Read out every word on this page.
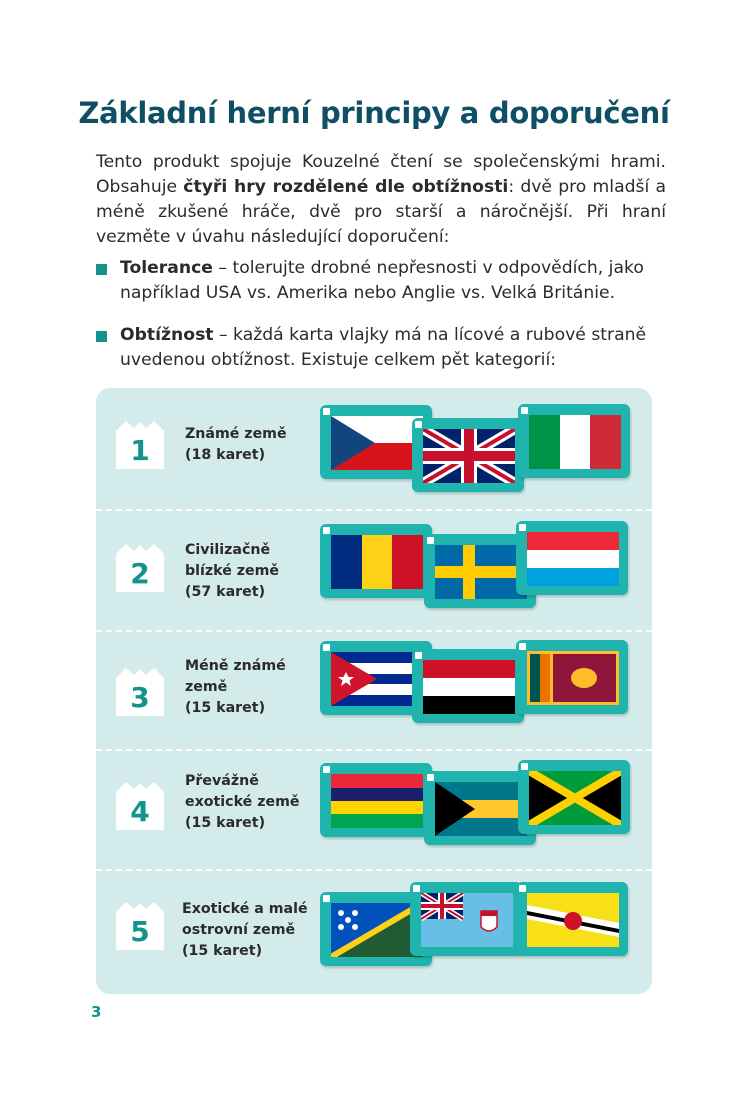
Základní herní principy a doporučení
Tento produkt spojuje Kouzelné čtení se společenskými hrami. Obsahuje čtyři hry rozdělené dle obtížnosti: dvě pro mladší a méně zkušené hráče, dvě pro starší a náročnější. Při hraní vezměte v úvahu následující doporučení:
Tolerance – tolerujte drobné nepřesnosti v odpovědích, jako například USA vs. Amerika nebo Anglie vs. Velká Británie.
Obtížnost – každá karta vlajky má na lícové a rubové straně uvedenou obtížnost. Existuje celkem pět kategorií:
1	Známé země
(18 karet)
2
Civilizačně
blízké země
(57 karet)
3
Méně známé
země
(15 karet)
4
Převážně
exotické země
(15 karet)
5
Exotické a malé
ostrovní země
(15 karet)
3
